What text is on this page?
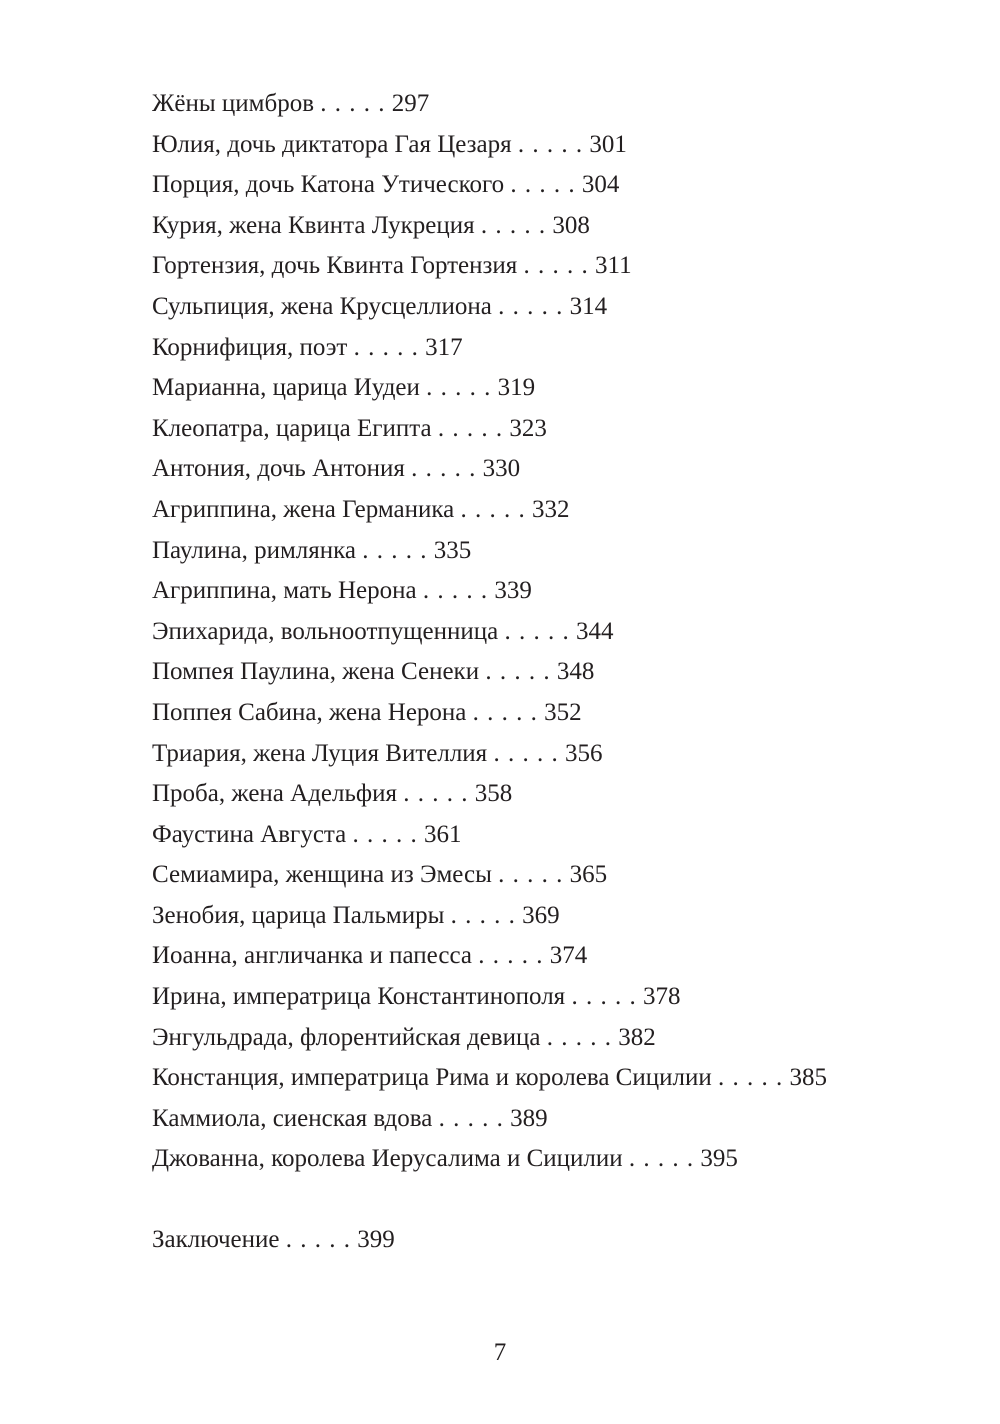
Жёны цимбров . . . . . 297
Юлия, дочь диктатора Гая Цезаря . . . . . 301
Порция, дочь Катона Утического . . . . . 304
Курия, жена Квинта Лукреция . . . . . 308
Гортензия, дочь Квинта Гортензия . . . . . 311
Сульпиция, жена Крусцеллиона . . . . . 314
Корнифиция, поэт . . . . . 317
Марианна, царица Иудеи . . . . . 319
Клеопатра, царица Египта . . . . . 323
Антония, дочь Антония . . . . . 330
Агриппина, жена Германика . . . . . 332
Паулина, римлянка . . . . . 335
Агриппина, мать Нерона . . . . . 339
Эпихарида, вольноотпущенница . . . . . 344
Помпея Паулина, жена Сенеки . . . . . 348
Поппея Сабина, жена Нерона . . . . . 352
Триария, жена Луция Вителлия . . . . . 356
Проба, жена Адельфия . . . . . 358
Фаустина Августа . . . . . 361
Семиамира, женщина из Эмесы . . . . . 365
Зенобия, царица Пальмиры . . . . . 369
Иоанна, англичанка и папесса . . . . . 374
Ирина, императрица Константинополя . . . . . 378
Энгульдрада, флорентийская девица . . . . . 382
Констанция, императрица Рима и королева Сицилии . . . . . 385
Каммиола, сиенская вдова . . . . . 389
Джованна, королева Иерусалима и Сицилии . . . . . 395
Заключение . . . . . 399
7
